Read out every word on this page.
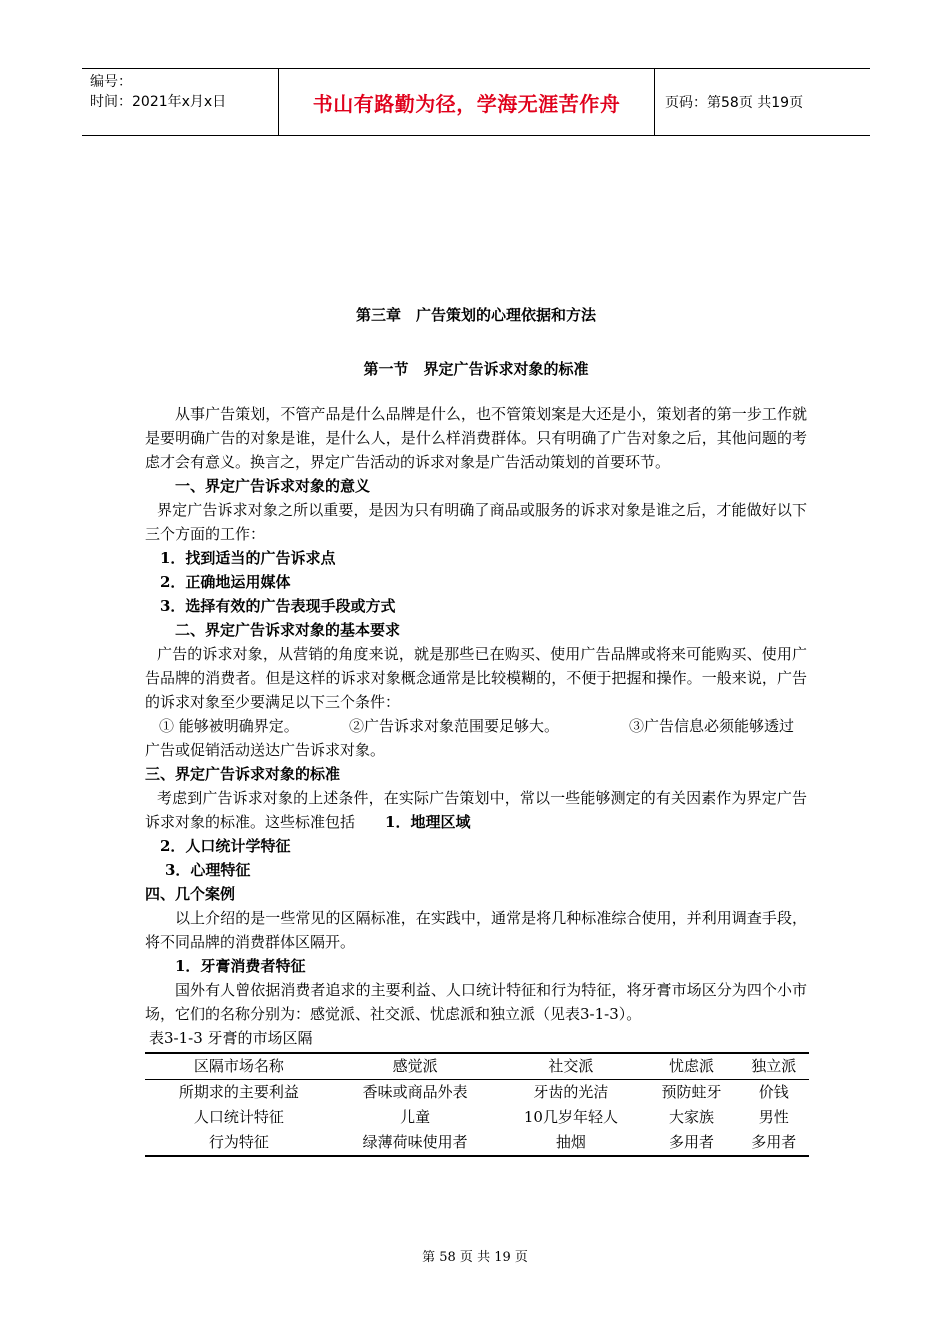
编号：
时间：2021年x月x日	书山有路勤为径，学海无涯苦作舟	页码：第58页 共19页
第三章　广告策划的心理依据和方法
第一节　界定广告诉求对象的标准

从事广告策划，不管产品是什么品牌是什么，也不管策划案是大还是小，策划者的第一步工作就是要明确广告的对象是谁，是什么人，是什么样消费群体。只有明确了广告对象之后，其他问题的考虑才会有意义。换言之，界定广告活动的诉求对象是广告活动策划的首要环节。

一、界定广告诉求对象的意义

界定广告诉求对象之所以重要，是因为只有明确了商品或服务的诉求对象是谁之后，才能做好以下三个方面的工作：

1．找到适当的广告诉求点
2．正确地运用媒体
3．选择有效的广告表现手段或方式
二、界定广告诉求对象的基本要求

广告的诉求对象，从营销的角度来说，就是那些已在购买、使用广告品牌或将来可能购买、使用广告品牌的消费者。但是这样的诉求对象概念通常是比较模糊的，不便于把握和操作。一般来说，广告的诉求对象至少要满足以下三个条件：

① 能够被明确界定。	②广告诉求对象范围要足够大。	③广告信息必须能够透过

广告或促销活动送达广告诉求对象。

三、界定广告诉求对象的标准

考虑到广告诉求对象的上述条件，在实际广告策划中，常以一些能够测定的有关因素作为界定广告诉求对象的标准。这些标准包括　　 1．地理区域

2．人口统计学特征
3．心理特征
四、几个案例

以上介绍的是一些常见的区隔标准，在实践中，通常是将几种标准综合使用，并利用调查手段，将不同品牌的消费群体区隔开。

1．牙膏消费者特征

国外有人曾依据消费者追求的主要利益、人口统计特征和行为特征，将牙膏市场区分为四个小市场，它们的名称分别为：感觉派、社交派、忧虑派和独立派（见表3-1-3）。

表3-1-3 牙膏的市场区隔

区隔市场名称	感觉派	社交派	忧虑派	独立派
所期求的主要利益	香味或商品外表	牙齿的光洁	预防蛀牙	价钱
人口统计特征	儿童	10几岁年轻人	大家族	男性
行为特征	绿薄荷味使用者	抽烟	多用者	多用者
第 58 页 共 19 页
